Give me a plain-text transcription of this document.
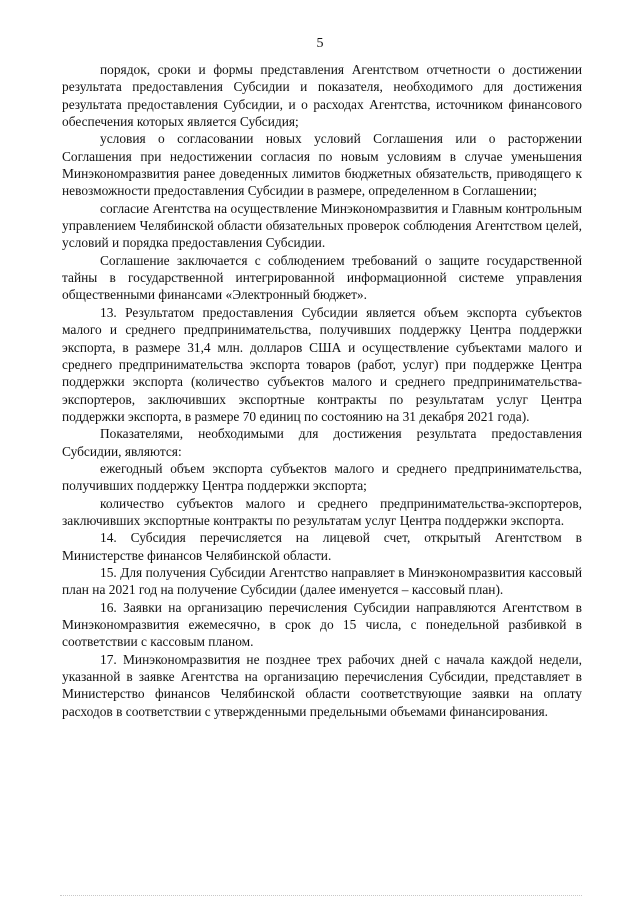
5

порядок, сроки и формы представления Агентством отчетности о достижении результата предоставления Субсидии и показателя, необходимого для достижения результата предоставления Субсидии, и о расходах Агентства, источником финансового обеспечения которых является Субсидия;

условия о согласовании новых условий Соглашения или о расторжении Соглашения при недостижении согласия по новым условиям в случае уменьшения Минэкономразвития ранее доведенных лимитов бюджетных обязательств, приводящего к невозможности предоставления Субсидии в размере, определенном в Соглашении;

согласие Агентства на осуществление Минэкономразвития и Главным контрольным управлением Челябинской области обязательных проверок соблюдения Агентством целей, условий и порядка предоставления Субсидии.

Соглашение заключается с соблюдением требований о защите государственной тайны в государственной интегрированной информационной системе управления общественными финансами «Электронный бюджет».

13. Результатом предоставления Субсидии является объем экспорта субъектов малого и среднего предпринимательства, получивших поддержку Центра поддержки экспорта, в размере 31,4 млн. долларов США и осуществление субъектами малого и среднего предпринимательства экспорта товаров (работ, услуг) при поддержке Центра поддержки экспорта (количество субъектов малого и среднего предпринимательства-экспортеров, заключивших экспортные контракты по результатам услуг Центра поддержки экспорта, в размере 70 единиц по состоянию на 31 декабря 2021 года).

Показателями, необходимыми для достижения результата предоставления Субсидии, являются:

ежегодный объем экспорта субъектов малого и среднего предпринимательства, получивших поддержку Центра поддержки экспорта;

количество субъектов малого и среднего предпринимательства-экспортеров, заключивших экспортные контракты по результатам услуг Центра поддержки экспорта.

14. Субсидия перечисляется на лицевой счет, открытый Агентством в Министерстве финансов Челябинской области.

15. Для получения Субсидии Агентство направляет в Минэкономразвития кассовый план на 2021 год на получение Субсидии (далее именуется – кассовый план).

16. Заявки на организацию перечисления Субсидии направляются Агентством в Минэкономразвития ежемесячно, в срок до 15 числа, с понедельной разбивкой в соответствии с кассовым планом.

17. Минэкономразвития не позднее трех рабочих дней с начала каждой недели, указанной в заявке Агентства на организацию перечисления Субсидии, представляет в Министерство финансов Челябинской области соответствующие заявки на оплату расходов в соответствии с утвержденными предельными объемами финансирования.
